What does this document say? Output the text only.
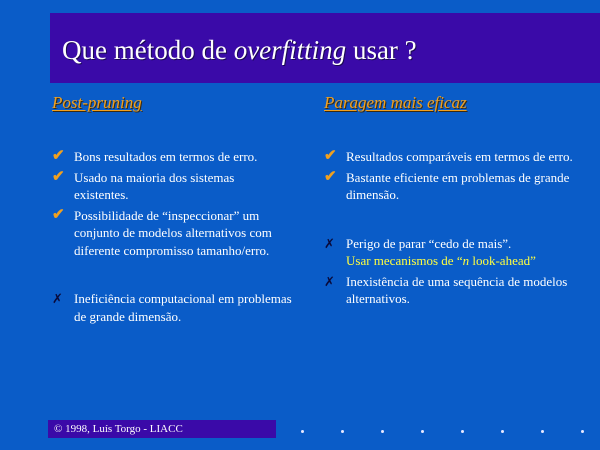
Que método de overfitting usar ?
Post-pruning	Paragem mais eficaz
✔ Bons resultados em termos de erro.
✔ Usado na maioria dos sistemas existentes.
✔ Possibilidade de “inspeccionar” um conjunto de modelos alternativos com diferente compromisso tamanho/erro.
✗ Ineficiência computacional em problemas de grande dimensão.
✔ Resultados comparáveis em termos de erro.
✔ Bastante eficiente em problemas de grande dimensão.
✗ Perigo de parar “cedo de mais”.
Usar mecanismos de “n look-ahead”
✗ Inexistência de uma sequência de modelos alternativos.
© 1998, Luís Torgo - LIACC
